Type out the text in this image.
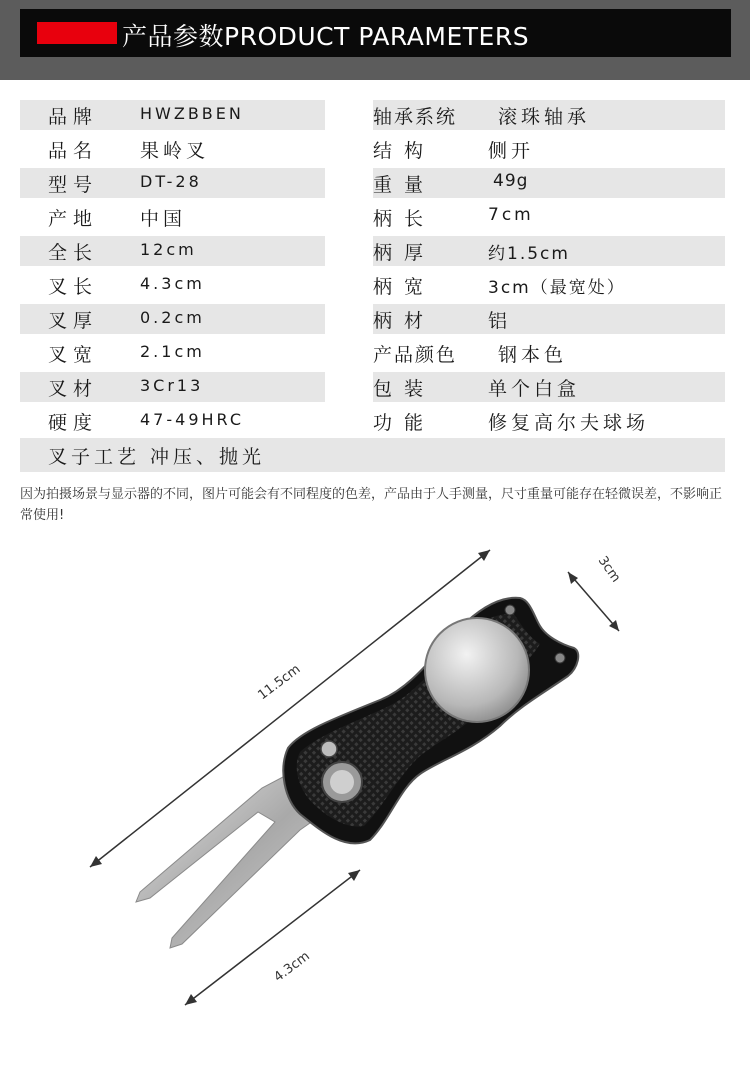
产品参数PRODUCT PARAMETERS
品牌	HWZBBEN	轴承系统 滚珠轴承
品名 果岭叉	结构	侧开
型号	DT-28	重量	49g
产地 中国	柄长	7cm
全长	12cm	柄厚	约1.5cm
叉长	4.3cm	柄宽	3cm（最宽处）
叉厚	0.2cm	柄材	铝
叉宽	2.1cm	产品颜色 钢本色
叉材	3Cr13	包装	单个白盒
硬度	47-49HRC	功能	修复高尔夫球场
叉子工艺 冲压、抛光
因为拍摄场景与显示器的不同，图片可能会有不同程度的色差，产品由于人手测量，尺寸重量可能存在轻微误差，不影响正常使用!
11.5cm
3cm
4.3cm
